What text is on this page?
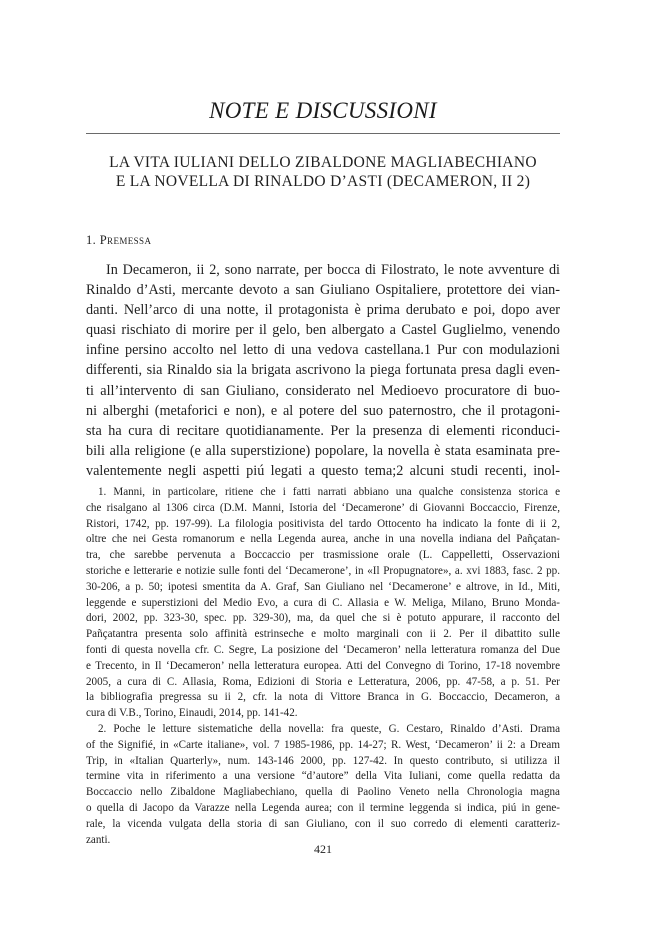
NOTE E DISCUSSIONI
LA VITA IULIANI DELLO ZIBALDONE MAGLIABECHIANO
E LA NOVELLA DI RINALDO D’ASTI (DECAMERON, II 2)
1. Premessa
In Decameron, ii 2, sono narrate, per bocca di Filostrato, le note avventure di
Rinaldo d’Asti, mercante devoto a san Giuliano Ospitaliere, protettore dei vian-
danti. Nell’arco di una notte, il protagonista è prima derubato e poi, dopo aver
quasi rischiato di morire per il gelo, ben albergato a Castel Guglielmo, venendo
infine persino accolto nel letto di una vedova castellana.1 Pur con modulazioni
differenti, sia Rinaldo sia la brigata ascrivono la piega fortunata presa dagli even-
ti all’intervento di san Giuliano, considerato nel Medioevo procuratore di buo-
ni alberghi (metaforici e non), e al potere del suo paternostro, che il protagoni-
sta ha cura di recitare quotidianamente. Per la presenza di elementi riconduci-
bili alla religione (e alla superstizione) popolare, la novella è stata esaminata pre-
valentemente negli aspetti piú legati a questo tema;2 alcuni studi recenti, inol-
1. Manni, in particolare, ritiene che i fatti narrati abbiano una qualche consistenza storica e
che risalgano al 1306 circa (D.M. Manni, Istoria del ‘Decamerone’ di Giovanni Boccaccio, Firenze,
Ristori, 1742, pp. 197-99). La filologia positivista del tardo Ottocento ha indicato la fonte di ii 2,
oltre che nei Gesta romanorum e nella Legenda aurea, anche in una novella indiana del Pañçatan-
tra, che sarebbe pervenuta a Boccaccio per trasmissione orale (L. Cappelletti, Osservazioni
storiche e letterarie e notizie sulle fonti del ‘Decamerone’, in «Il Propugnatore», a. xvi 1883, fasc. 2 pp.
30-206, a p. 50; ipotesi smentita da A. Graf, San Giuliano nel ‘Decamerone’ e altrove, in Id., Miti,
leggende e superstizioni del Medio Evo, a cura di C. Allasia e W. Meliga, Milano, Bruno Monda-
dori, 2002, pp. 323-30, spec. pp. 329-30), ma, da quel che si è potuto appurare, il racconto del
Pañçatantra presenta solo affinità estrinseche e molto marginali con ii 2. Per il dibattito sulle
fonti di questa novella cfr. C. Segre, La posizione del ‘Decameron’ nella letteratura romanza del Due
e Trecento, in Il ‘Decameron’ nella letteratura europea. Atti del Convegno di Torino, 17-18 novembre
2005, a cura di C. Allasia, Roma, Edizioni di Storia e Letteratura, 2006, pp. 47-58, a p. 51. Per
la bibliografia pregressa su ii 2, cfr. la nota di Vittore Branca in G. Boccaccio, Decameron, a
cura di V.B., Torino, Einaudi, 2014, pp. 141-42.
2. Poche le letture sistematiche della novella: fra queste, G. Cestaro, Rinaldo d’Asti. Drama
of the Signifié, in «Carte italiane», vol. 7 1985-1986, pp. 14-27; R. West, ‘Decameron’ ii 2: a Dream
Trip, in «Italian Quarterly», num. 143-146 2000, pp. 127-42. In questo contributo, si utilizza il
termine vita in riferimento a una versione “d’autore” della Vita Iuliani, come quella redatta da
Boccaccio nello Zibaldone Magliabechiano, quella di Paolino Veneto nella Chronologia magna
o quella di Jacopo da Varazze nella Legenda aurea; con il termine leggenda si indica, piú in gene-
rale, la vicenda vulgata della storia di san Giuliano, con il suo corredo di elementi caratteriz-
zanti.
421
